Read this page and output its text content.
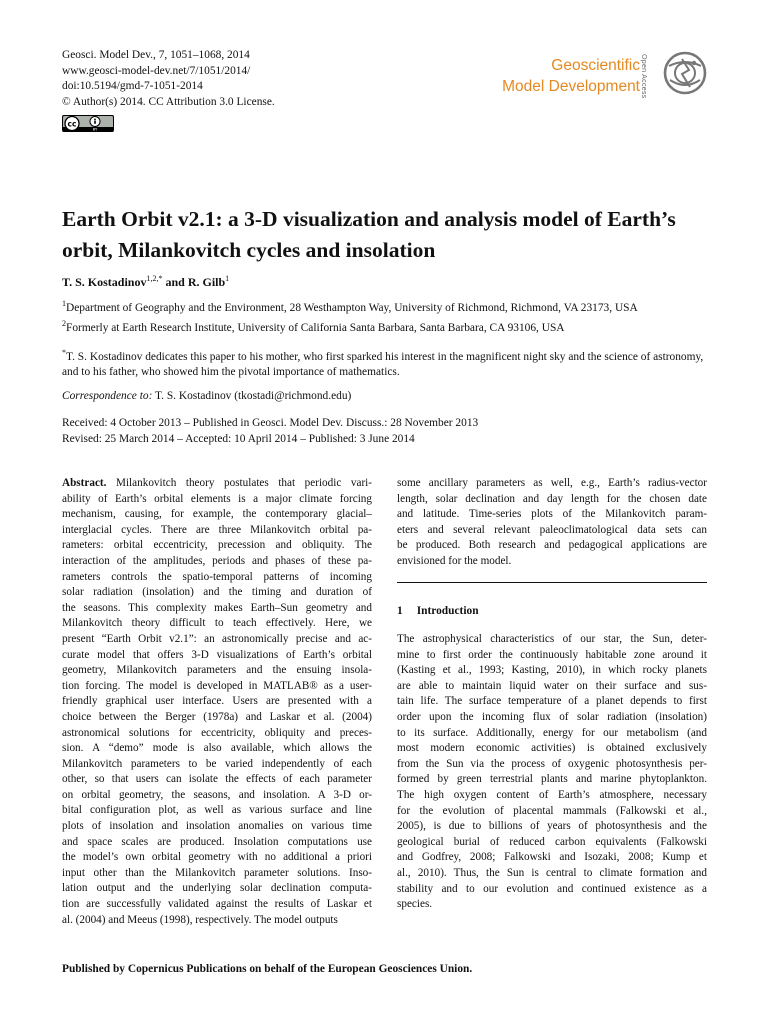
Geosci. Model Dev., 7, 1051–1068, 2014
www.geosci-model-dev.net/7/1051/2014/
doi:10.5194/gmd-7-1051-2014
© Author(s) 2014. CC Attribution 3.0 License.
cc
BY
Geoscientific
Model Development Open Access
Earth Orbit v2.1: a 3-D visualization and analysis model of Earth’s
orbit, Milankovitch cycles and insolation
T. S. Kostadinov$^{1,2,*}$ and R. Gilb$^1$
$^1$Department of Geography and the Environment, 28 Westhampton Way, University of Richmond, Richmond, VA 23173, USA
$^2$Formerly at Earth Research Institute, University of California Santa Barbara, Santa Barbara, CA 93106, USA
*T. S. Kostadinov dedicates this paper to his mother, who first sparked his interest in the magnificent night sky and the science of astronomy, and to his father, who showed him the pivotal importance of mathematics.
Correspondence to: T. S. Kostadinov (tkostadi@richmond.edu)
Received: 4 October 2013 – Published in Geosci. Model Dev. Discuss.: 28 November 2013
Revised: 25 March 2014 – Accepted: 10 April 2014 – Published: 3 June 2014
Abstract. Milankovitch theory postulates that periodic vari-
ability of Earth’s orbital elements is a major climate forcing
mechanism, causing, for example, the contemporary glacial–
interglacial cycles. There are three Milankovitch orbital pa-
rameters: orbital eccentricity, precession and obliquity. The
interaction of the amplitudes, periods and phases of these pa-
rameters controls the spatio-temporal patterns of incoming
solar radiation (insolation) and the timing and duration of
the seasons. This complexity makes Earth–Sun geometry and
Milankovitch theory difficult to teach effectively. Here, we
present “Earth Orbit v2.1”: an astronomically precise and ac-
curate model that offers 3-D visualizations of Earth’s orbital
geometry, Milankovitch parameters and the ensuing insola-
tion forcing. The model is developed in MATLAB® as a user-
friendly graphical user interface. Users are presented with a
choice between the Berger (1978a) and Laskar et al. (2004)
astronomical solutions for eccentricity, obliquity and preces-
sion. A “demo” mode is also available, which allows the
Milankovitch parameters to be varied independently of each
other, so that users can isolate the effects of each parameter
on orbital geometry, the seasons, and insolation. A 3-D or-
bital configuration plot, as well as various surface and line
plots of insolation and insolation anomalies on various time
and space scales are produced. Insolation computations use
the model’s own orbital geometry with no additional a priori
input other than the Milankovitch parameter solutions. Inso-
lation output and the underlying solar declination computa-
tion are successfully validated against the results of Laskar et
al. (2004) and Meeus (1998), respectively. The model outputs
some ancillary parameters as well, e.g., Earth’s radius-vector
length, solar declination and day length for the chosen date
and latitude. Time-series plots of the Milankovitch param-
eters and several relevant paleoclimatological data sets can
be produced. Both research and pedagogical applications are
envisioned for the model.
1 Introduction
The astrophysical characteristics of our star, the Sun, deter-
mine to first order the continuously habitable zone around it
(Kasting et al., 1993; Kasting, 2010), in which rocky planets
are able to maintain liquid water on their surface and sus-
tain life. The surface temperature of a planet depends to first
order upon the incoming flux of solar radiation (insolation)
to its surface. Additionally, energy for our metabolism (and
most modern economic activities) is obtained exclusively
from the Sun via the process of oxygenic photosynthesis per-
formed by green terrestrial plants and marine phytoplankton.
The high oxygen content of Earth’s atmosphere, necessary
for the evolution of placental mammals (Falkowski et al.,
2005), is due to billions of years of photosynthesis and the
geological burial of reduced carbon equivalents (Falkowski
and Godfrey, 2008; Falkowski and Isozaki, 2008; Kump et
al., 2010). Thus, the Sun is central to climate formation and
stability and to our evolution and continued existence as a
species.
Published by Copernicus Publications on behalf of the European Geosciences Union.
